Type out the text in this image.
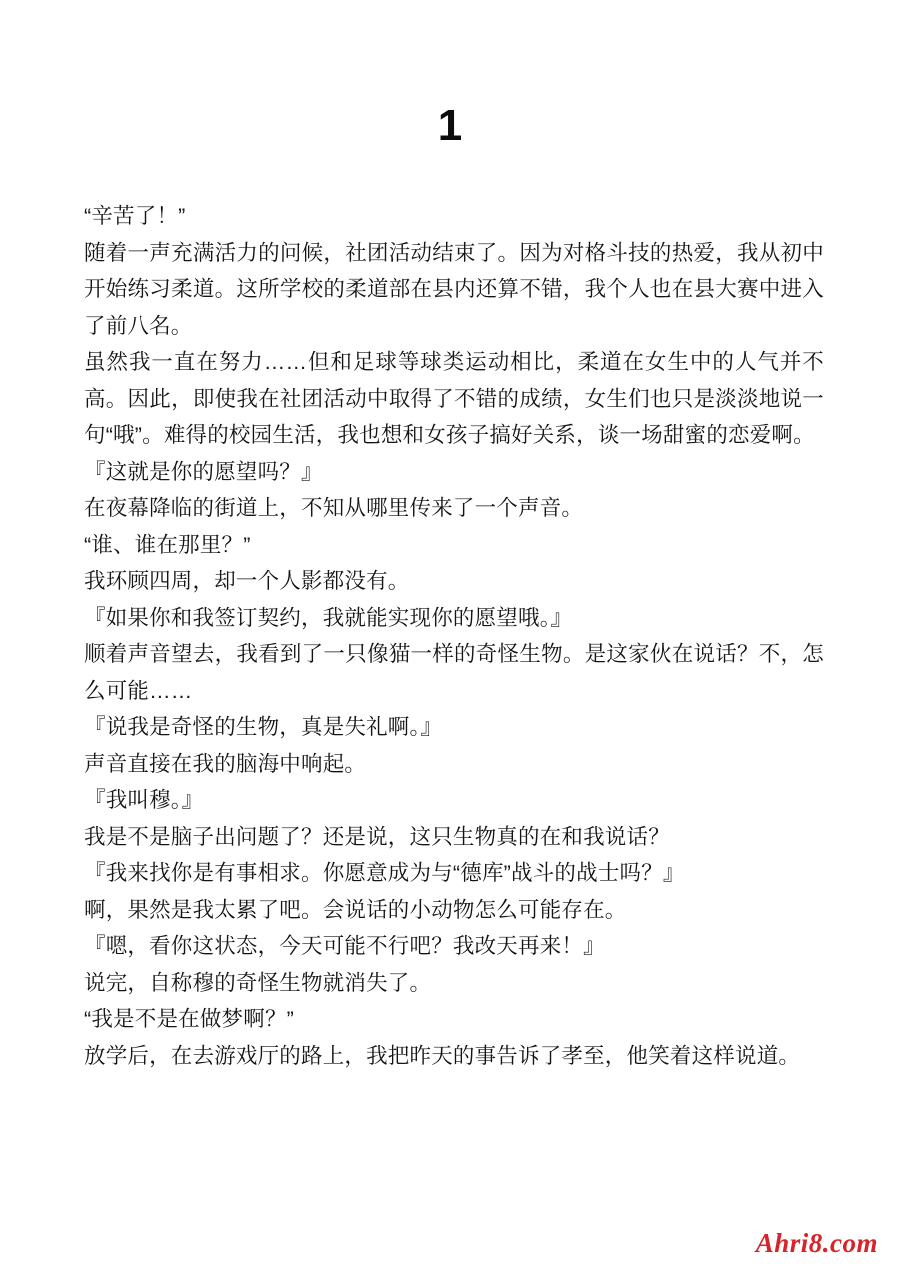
1

“辛苦了！”

随着一声充满活力的问候，社团活动结束了。因为对格斗技的热爱，我从初中开始练习柔道。这所学校的柔道部在县内还算不错，我个人也在县大赛中进入了前八名。

虽然我一直在努力……但和足球等球类运动相比，柔道在女生中的人气并不高。因此，即使我在社团活动中取得了不错的成绩，女生们也只是淡淡地说一句“哦”。难得的校园生活，我也想和女孩子搞好关系，谈一场甜蜜的恋爱啊。

『这就是你的愿望吗？』

在夜幕降临的街道上，不知从哪里传来了一个声音。

“谁、谁在那里？”

我环顾四周，却一个人影都没有。

『如果你和我签订契约，我就能实现你的愿望哦。』

顺着声音望去，我看到了一只像猫一样的奇怪生物。是这家伙在说话？不，怎么可能……

『说我是奇怪的生物，真是失礼啊。』

声音直接在我的脑海中响起。

『我叫穆。』

我是不是脑子出问题了？还是说，这只生物真的在和我说话？

『我来找你是有事相求。你愿意成为与“德库”战斗的战士吗？』

啊，果然是我太累了吧。会说话的小动物怎么可能存在。

『嗯，看你这状态，今天可能不行吧？我改天再来！』

说完，自称穆的奇怪生物就消失了。

“我是不是在做梦啊？”

放学后，在去游戏厅的路上，我把昨天的事告诉了孝至，他笑着这样说道。

Ahri8.com
